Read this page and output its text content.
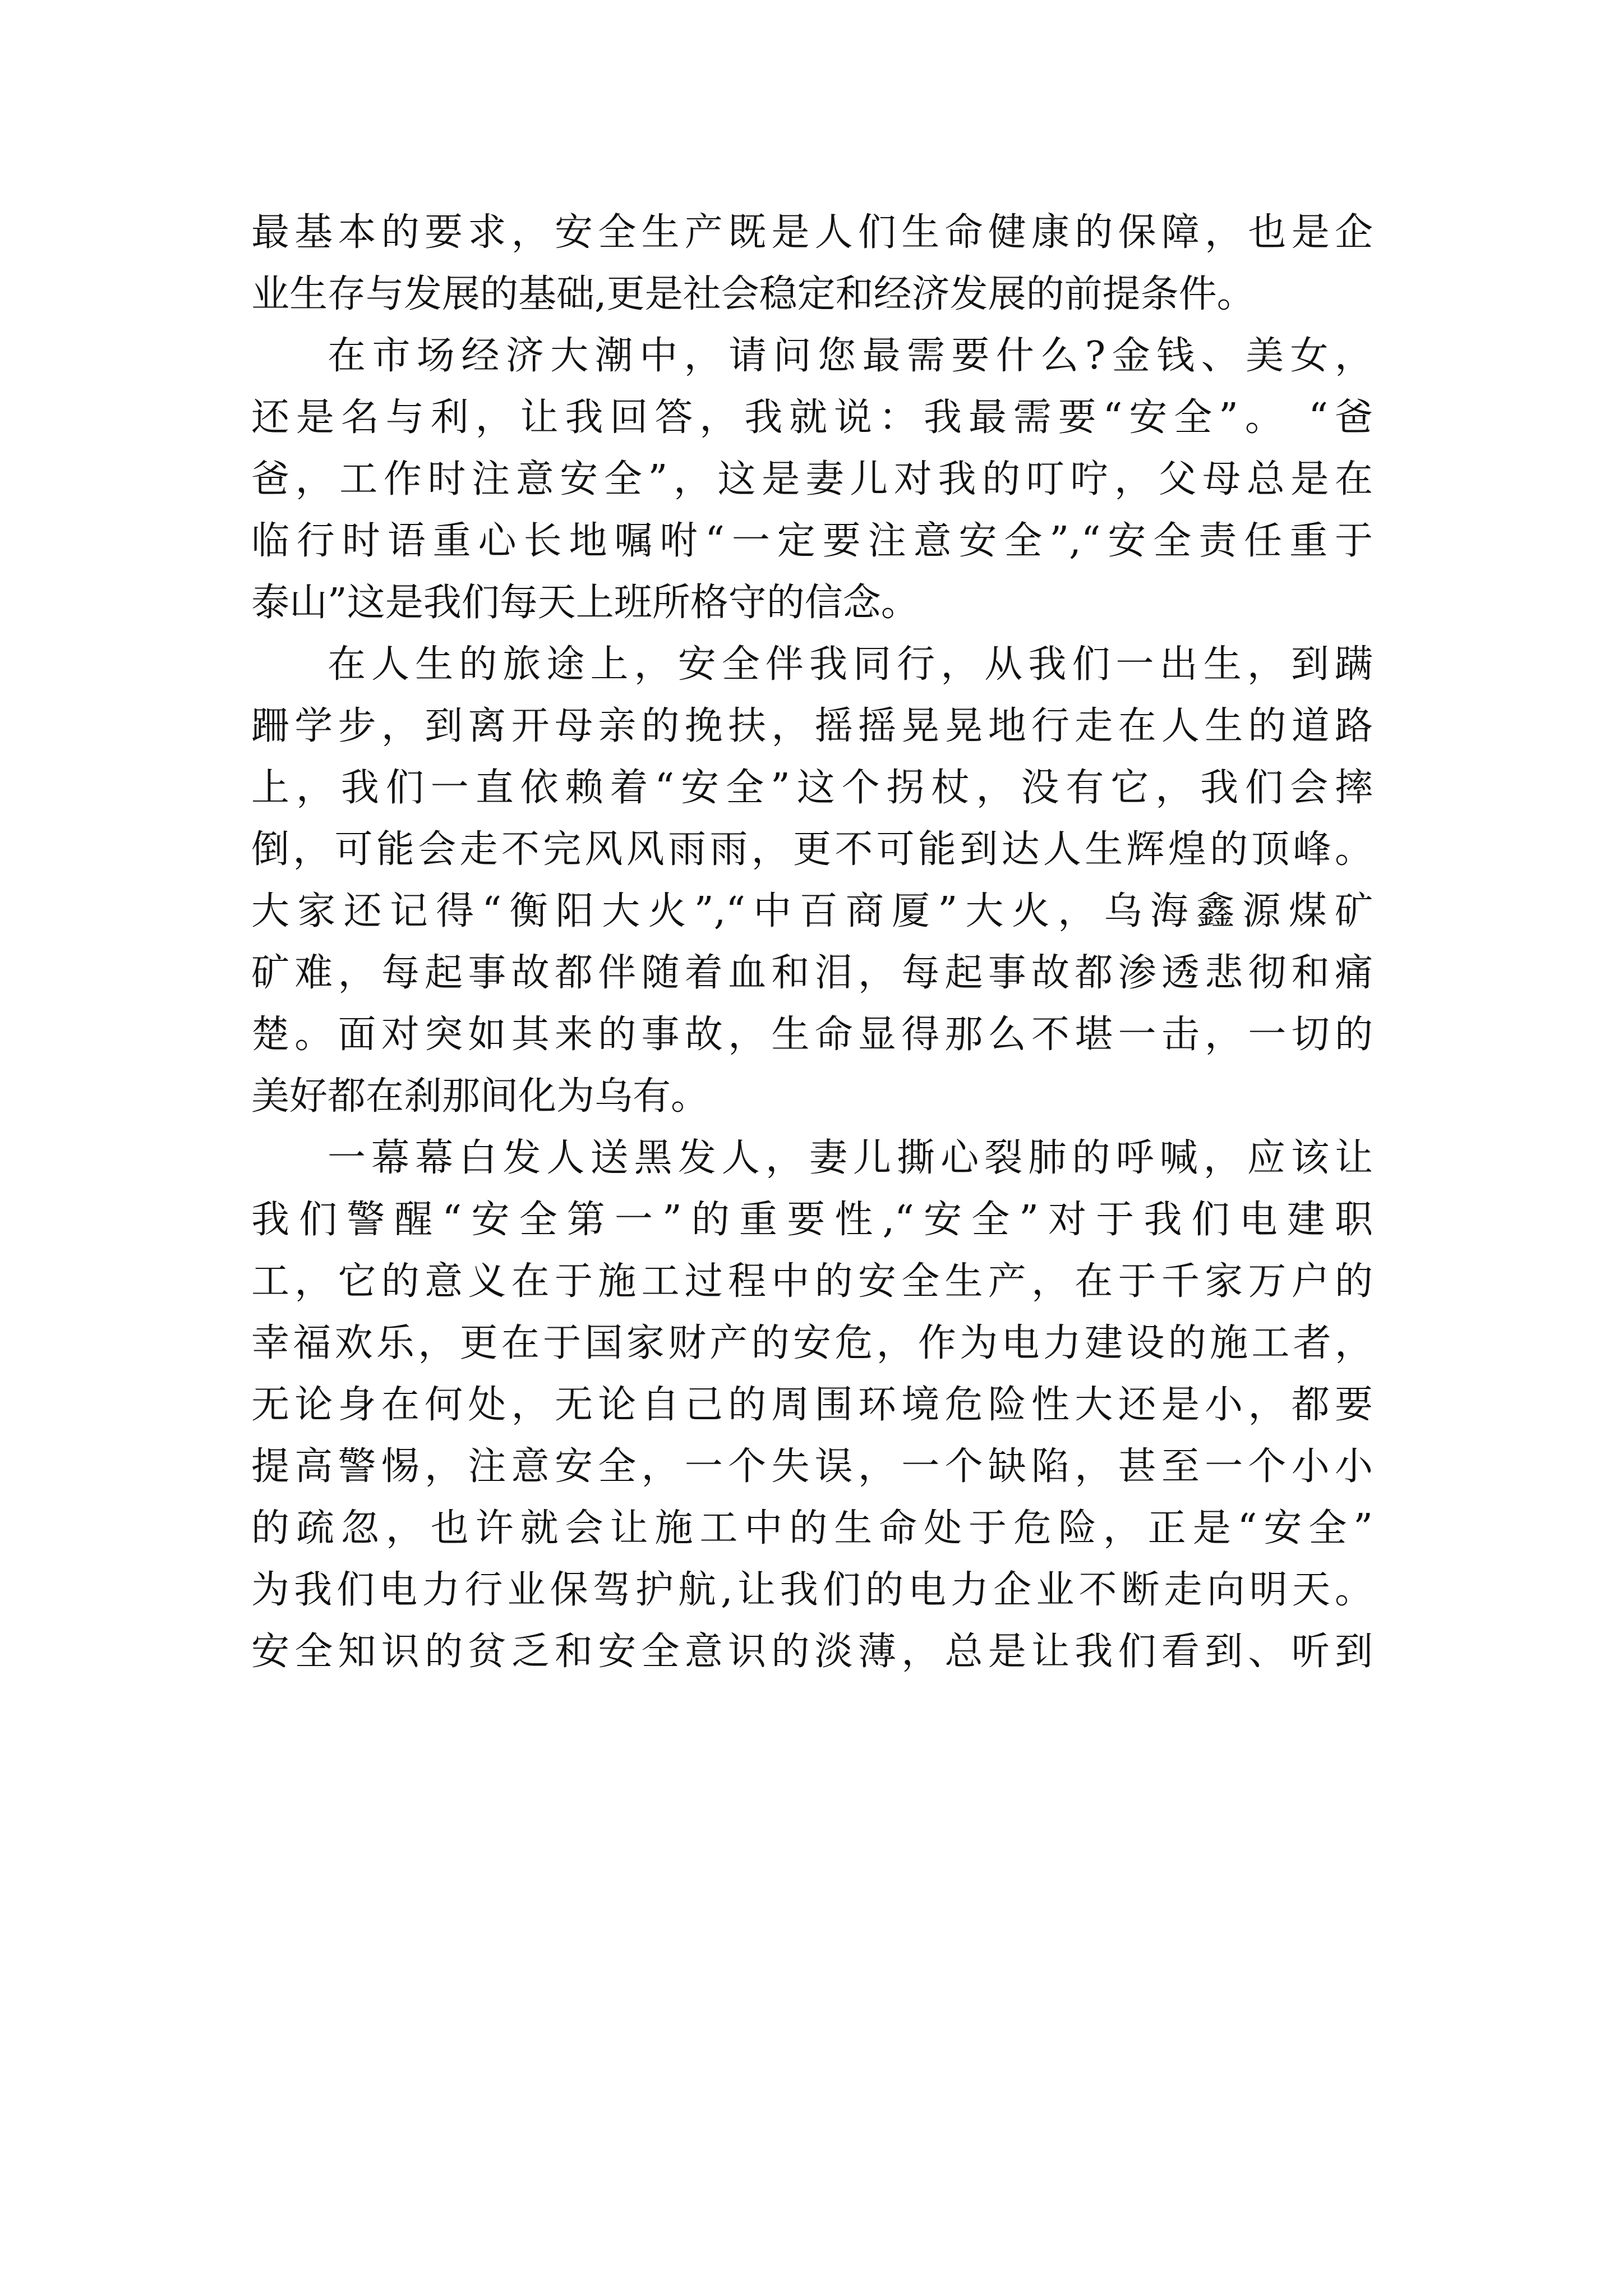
最基本的要求，安全生产既是人们生命健康的保障，也是企
业生存与发展的基础,更是社会稳定和经济发展的前提条件。
在市场经济大潮中，请问您最需要什么?金钱、美女，
还是名与利，让我回答，我就说：我最需要“安全”。 “爸
爸，工作时注意安全”，这是妻儿对我的叮咛，父母总是在
临行时语重心长地嘱咐“一定要注意安全”,“安全责任重于
泰山”这是我们每天上班所格守的信念。
在人生的旅途上，安全伴我同行，从我们一出生，到蹒
跚学步，到离开母亲的挽扶，摇摇晃晃地行走在人生的道路
上，我们一直依赖着“安全”这个拐杖，没有它，我们会摔
倒，可能会走不完风风雨雨，更不可能到达人生辉煌的顶峰。
大家还记得“衡阳大火”,“中百商厦”大火，乌海鑫源煤矿
矿难，每起事故都伴随着血和泪，每起事故都渗透悲彻和痛
楚。面对突如其来的事故，生命显得那么不堪一击，一切的
美好都在刹那间化为乌有。
一幕幕白发人送黑发人，妻儿撕心裂肺的呼喊，应该让
我们警醒“安全第一”的重要性,“安全”对于我们电建职
工，它的意义在于施工过程中的安全生产，在于千家万户的
幸福欢乐，更在于国家财产的安危，作为电力建设的施工者，
无论身在何处，无论自己的周围环境危险性大还是小，都要
提高警惕，注意安全，一个失误，一个缺陷，甚至一个小小
的疏忽，也许就会让施工中的生命处于危险，正是“安全”
为我们电力行业保驾护航,让我们的电力企业不断走向明天。
安全知识的贫乏和安全意识的淡薄，总是让我们看到、听到
